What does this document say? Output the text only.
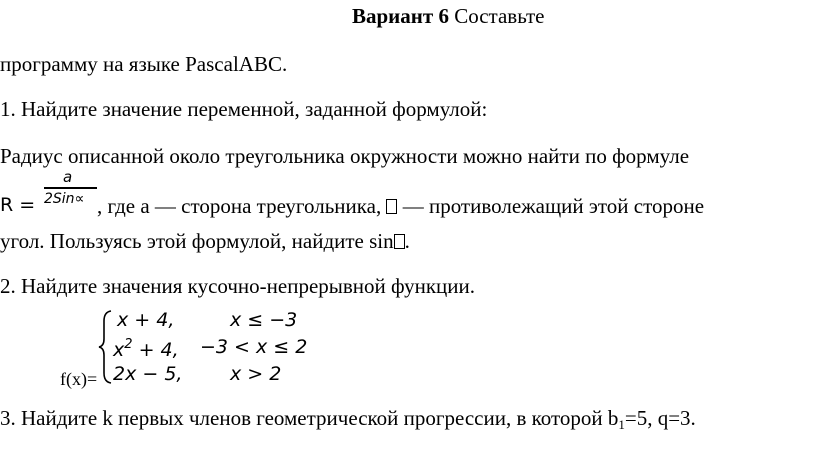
Вариант 6 Составьте
программу на языке PascalABC.
1. Найдите значение переменной, заданной формулой:
Радиус описанной около треугольника окружности можно найти по формуле
R =
a
2Sin∝ , где a — сторона треугольника,  — противолежащий этой стороне
угол. Пользуясь этой формулой, найдите sin .
2. Найдите значения кусочно-непрерывной функции.
x + 4,	x ≤ −3
$x^2 + 4$, −3 < x ≤ 2
f(x)= 2x − 5,	x > 2
3. Найдите k первых членов геометрической прогрессии, в которой $b_1=5$, q=3.
